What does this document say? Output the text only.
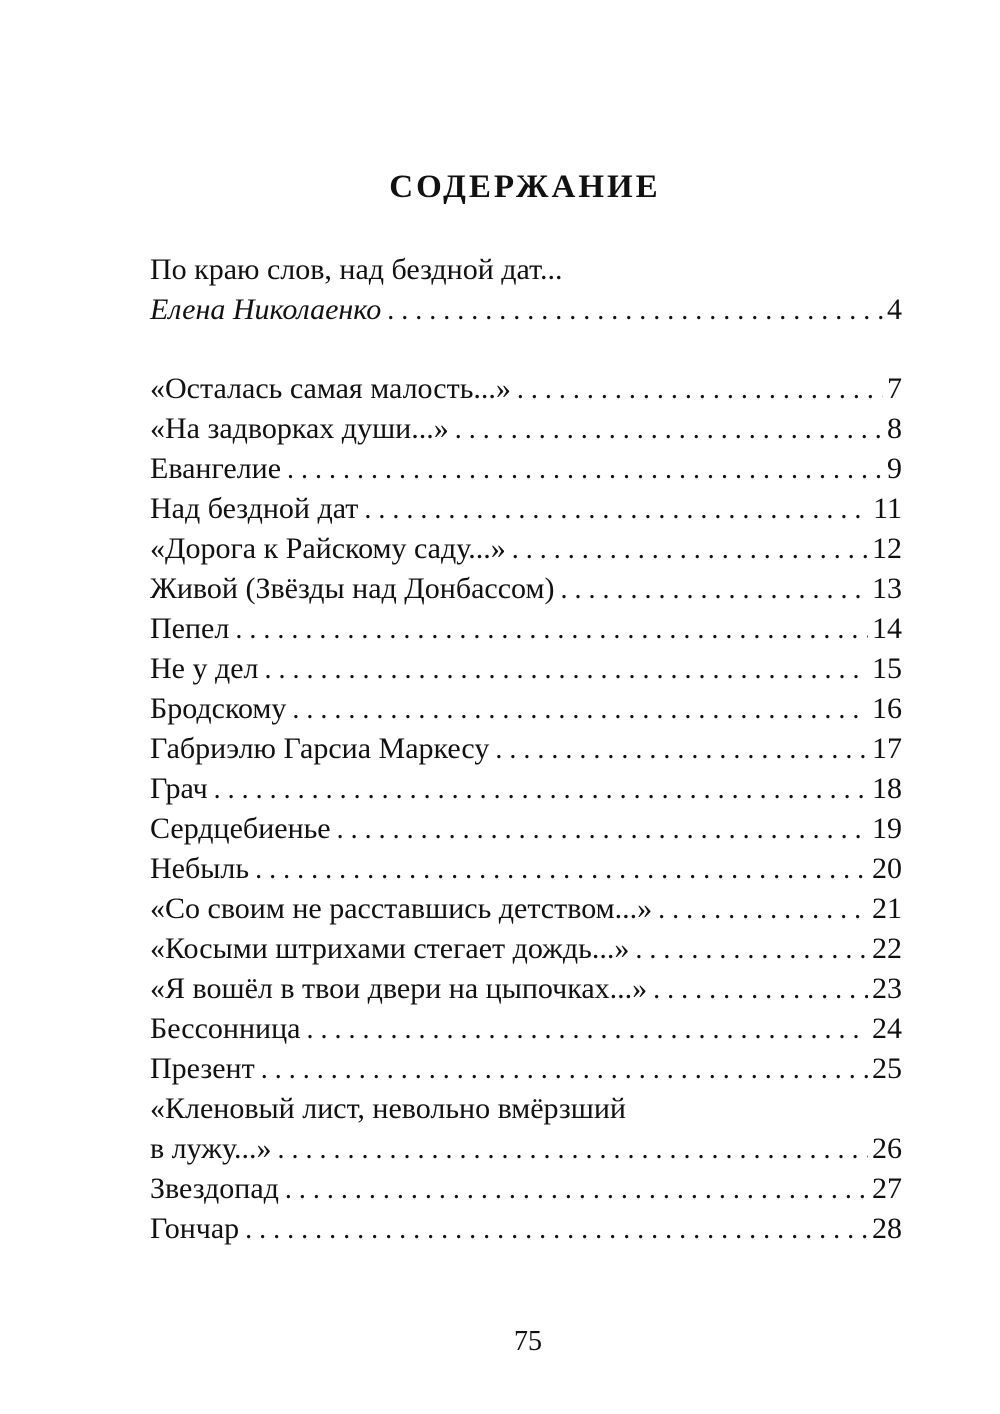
СОДЕРЖАНИЕ
По краю слов, над бездной дат...
Елена Николаенко . . .	4
«Осталась самая малость...» . . .	7
«На задворках души...» . . .	8
Евангелие . . .	9
Над бездной дат . . .	11
«Дорога к Райскому саду...» . . .	12
Живой (Звёзды над Донбассом) . . .	13
Пепел . . .	14
Не у дел . . .	15
Бродскому . . .	16
Габриэлю Гарсиа Маркесу . . .	17
Грач . . .	18
Сердцебиенье . . .	19
Небыль . . .	20
«Со своим не расставшись детством...» . . .	21
«Косыми штрихами стегает дождь...» . . .	22
«Я вошёл в твои двери на цыпочках...» . . .	23
Бессонница . . .	24
Презент . . .	25
«Кленовый лист, невольно вмёрзший
в лужу...» . . .	26
Звездопад . . .	27
Гончар . . .	28
75
